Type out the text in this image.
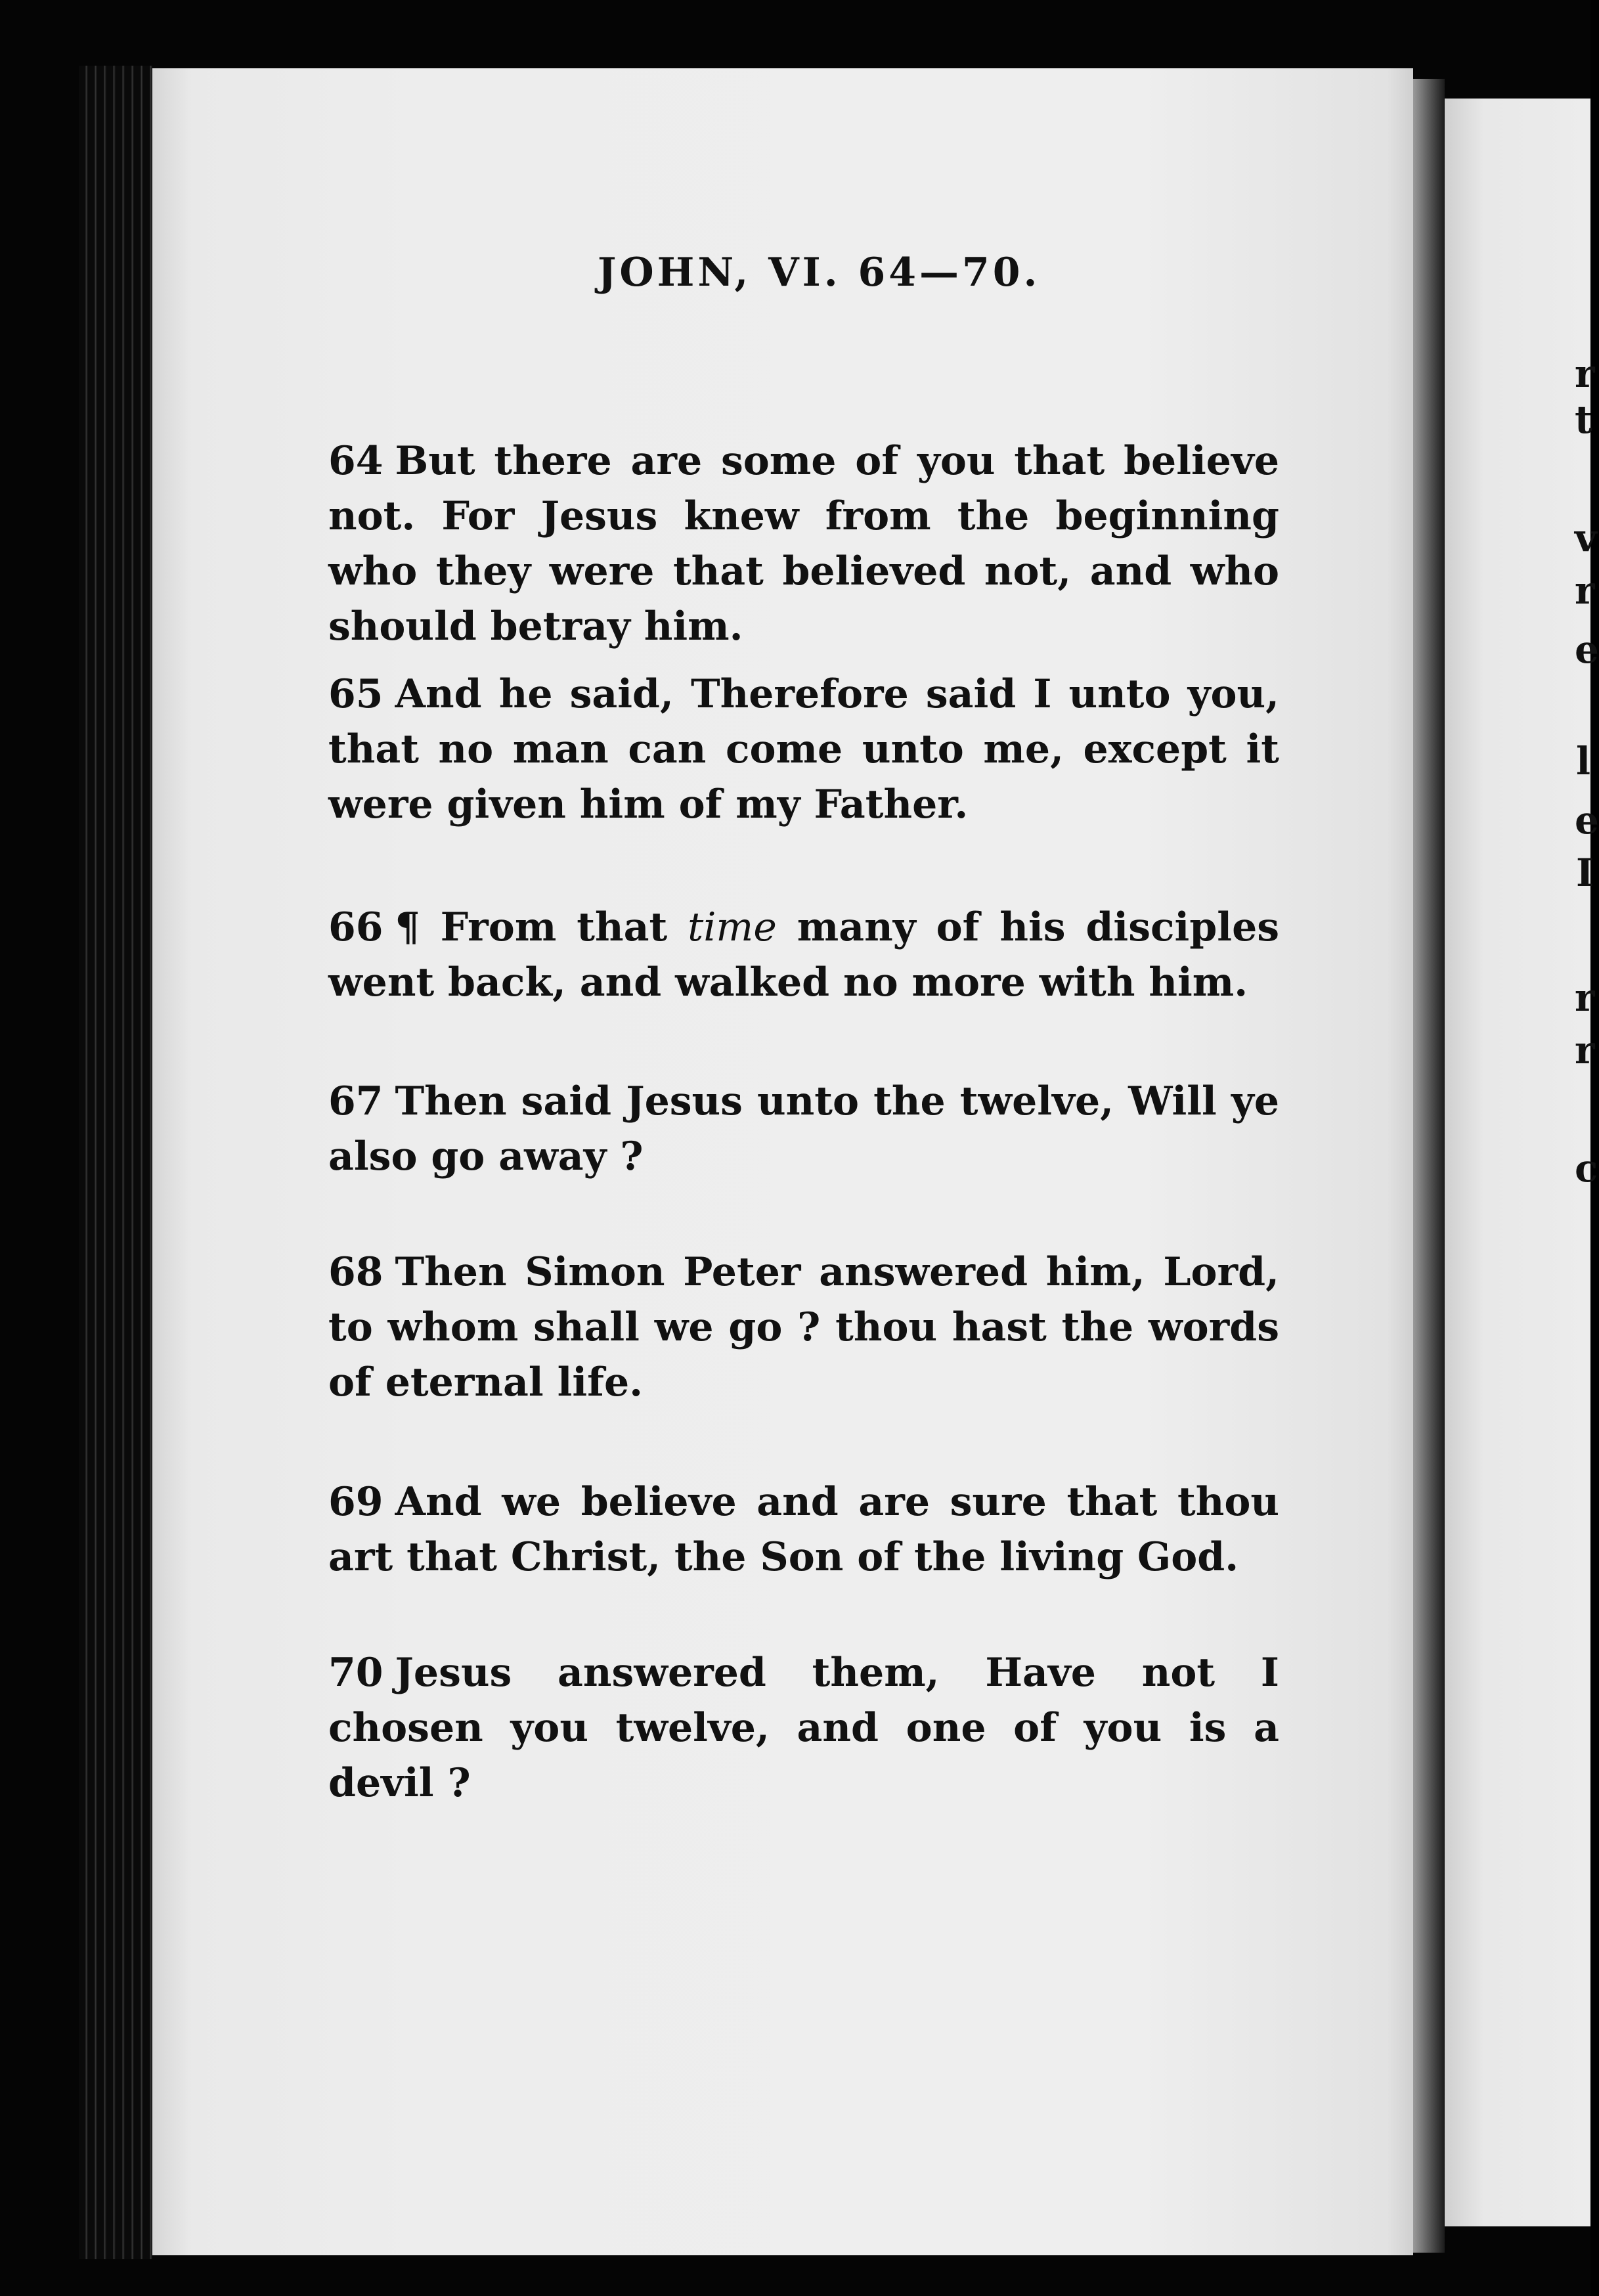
JOHN, VI. 64—70.
64 But there are some of you that believe not. For Jesus knew from the beginning who they were that believed not, and who should betray him.
65 And he said, Therefore said I unto you, that no man can come unto me, except it were given him of my Father.
66 ¶ From that time many of his disciples went back, and walked no more with him.
67 Then said Jesus unto the twelve, Will ye also go away ?
68 Then Simon Peter answered him, Lord, to whom shall we go ? thou hast the words of eternal life.
69 And we believe and are sure that thou art that Christ, the Son of the living God.
70 Jesus answered them, Have not I chosen you twelve, and one of you is a devil ?
r
t
v
r
e
l
e
I
r
r
c
